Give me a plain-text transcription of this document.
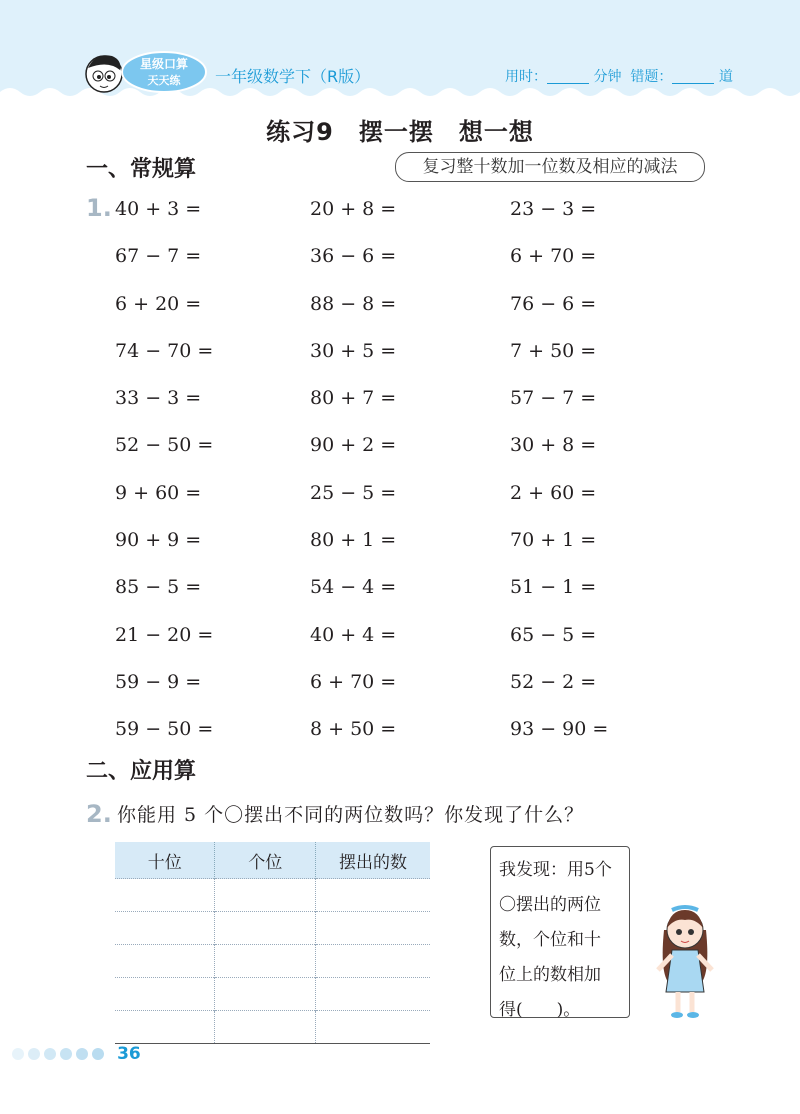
星级口算
天天练 一年级数学下（R版）	用时：	分钟 错题：	道
练习9　摆一摆　想一想
一、常规算	复习整十数加一位数及相应的减法
1. 40 + 3 =	20 + 8 =	23 − 3 =
67 − 7 =	36 − 6 =	6 + 70 =
6 + 20 =	88 − 8 =	76 − 6 =
74 − 70 =	30 + 5 =	7 + 50 =
33 − 3 =	80 + 7 =	57 − 7 =
52 − 50 =	90 + 2 =	30 + 8 =
9 + 60 =	25 − 5 =	2 + 60 =
90 + 9 =	80 + 1 =	70 + 1 =
85 − 5 =	54 − 4 =	51 − 1 =
21 − 20 =	40 + 4 =	65 − 5 =
59 − 9 =	6 + 70 =	52 − 2 =
59 − 50 =	8 + 50 =	93 − 90 =
二、应用算
2. 你能用 5 个〇摆出不同的两位数吗？你发现了什么？
十位	个位	摆出的数

			我发现：用5个
〇摆出的两位
数，个位和十
位上的数相加
得(　　)。
36
